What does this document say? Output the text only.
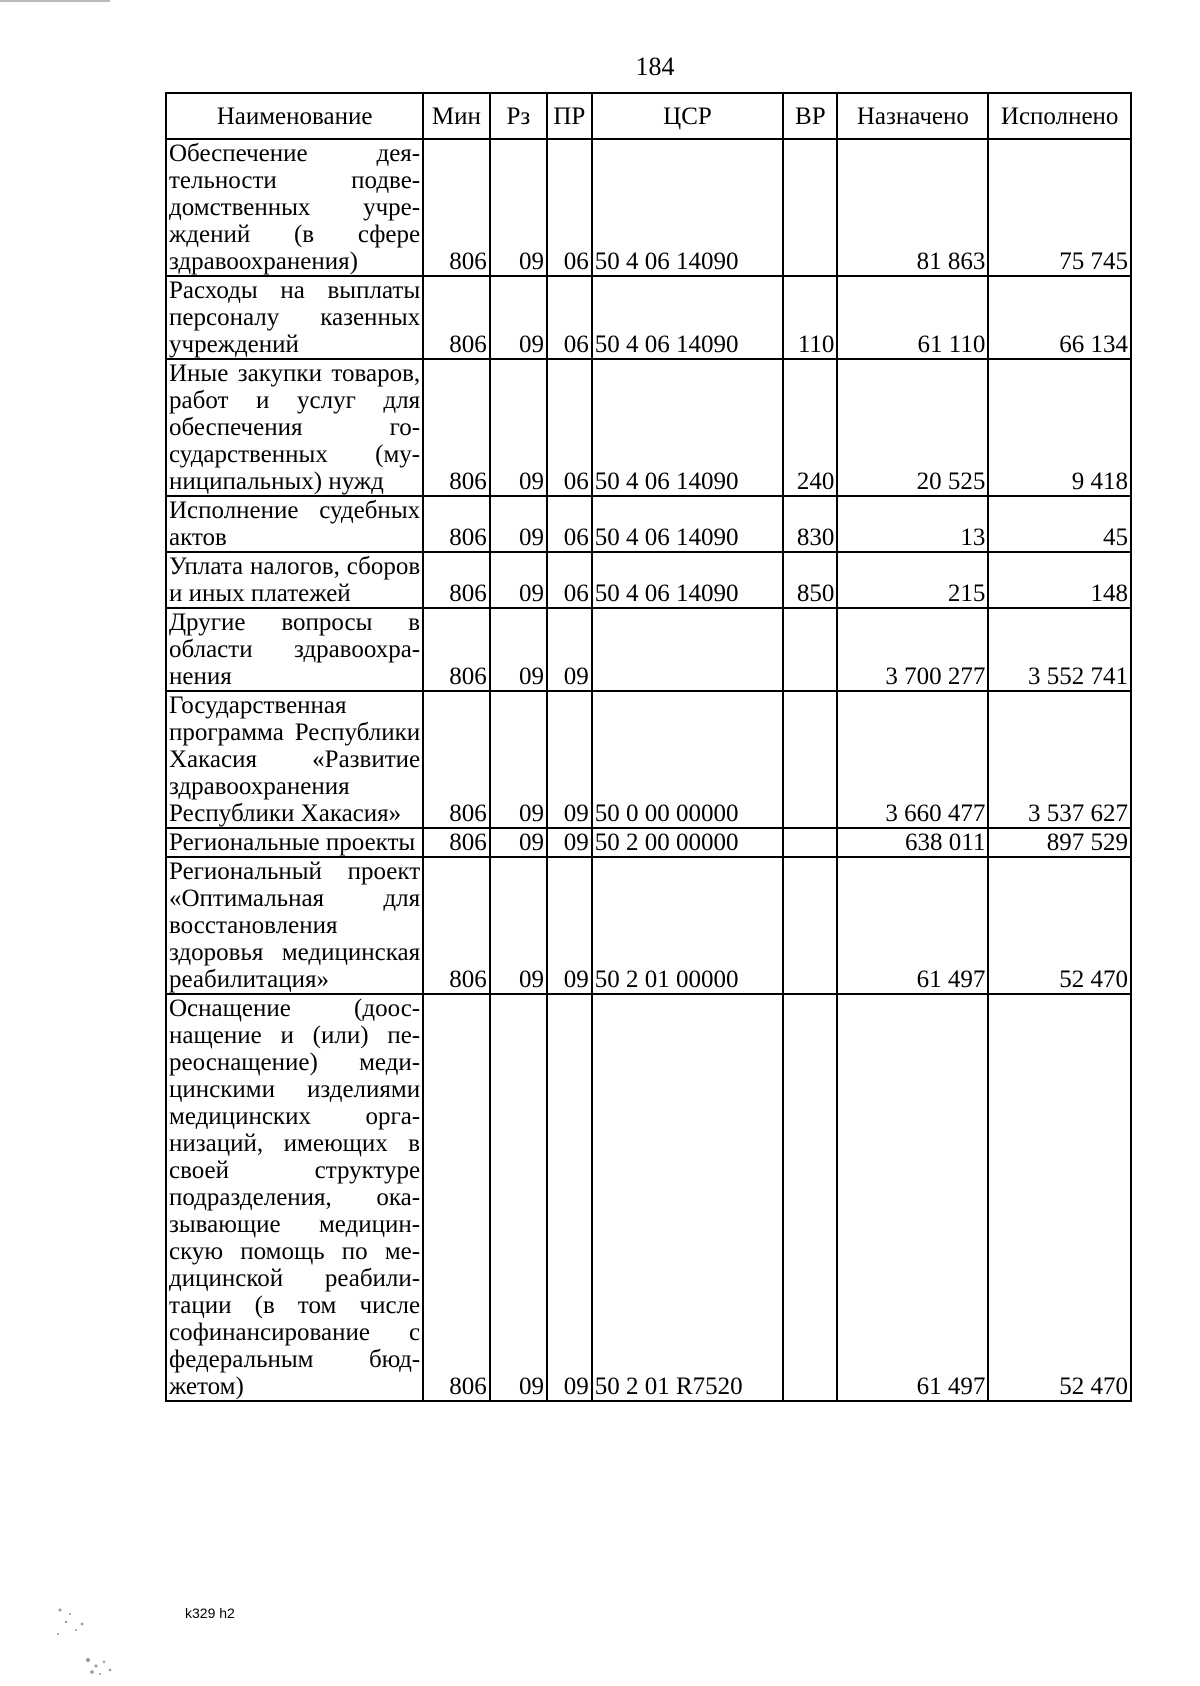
184
Наименование	Мин	Рз	ПР	ЦСР	ВР	Назначено	Исполнено
Обеспечение деятельности подведомственных учреждений (в сфере здравоохранения)	806	09	06	50 4 06 14090		81 863	75 745
Расходы на выплаты персоналу казенных учреждений	806	09	06	50 4 06 14090	110	61 110	66 134
Иные закупки товаров, работ и услуг для обеспечения государственных (муниципальных) нужд	806	09	06	50 4 06 14090	240	20 525	9 418
Исполнение судебных актов	806	09	06	50 4 06 14090	830	13	45
Уплата налогов, сборов и иных платежей	806	09	06	50 4 06 14090	850	215	148
Другие вопросы в области здравоохранения	806	09	09			3 700 277	3 552 741
Государственная программа Республики Хакасия «Развитие здравоохранения Республики Хакасия»	806	09	09	50 0 00 00000		3 660 477	3 537 627
Региональные проекты	806	09	09	50 2 00 00000		638 011	897 529
Региональный проект «Оптимальная для восстановления здоровья медицинская реабилитация»	806	09	09	50 2 01 00000		61 497	52 470
Оснащение (дооснащение и (или) переоснащение) медицинскими изделиями медицинских организаций, имеющих в своей структуре подразделения, оказывающие медицинскую помощь по медицинской реабилитации (в том числе софинансирование с федеральным бюджетом)	806	09	09	50 2 01 R7520		61 497	52 470
k329 h2
